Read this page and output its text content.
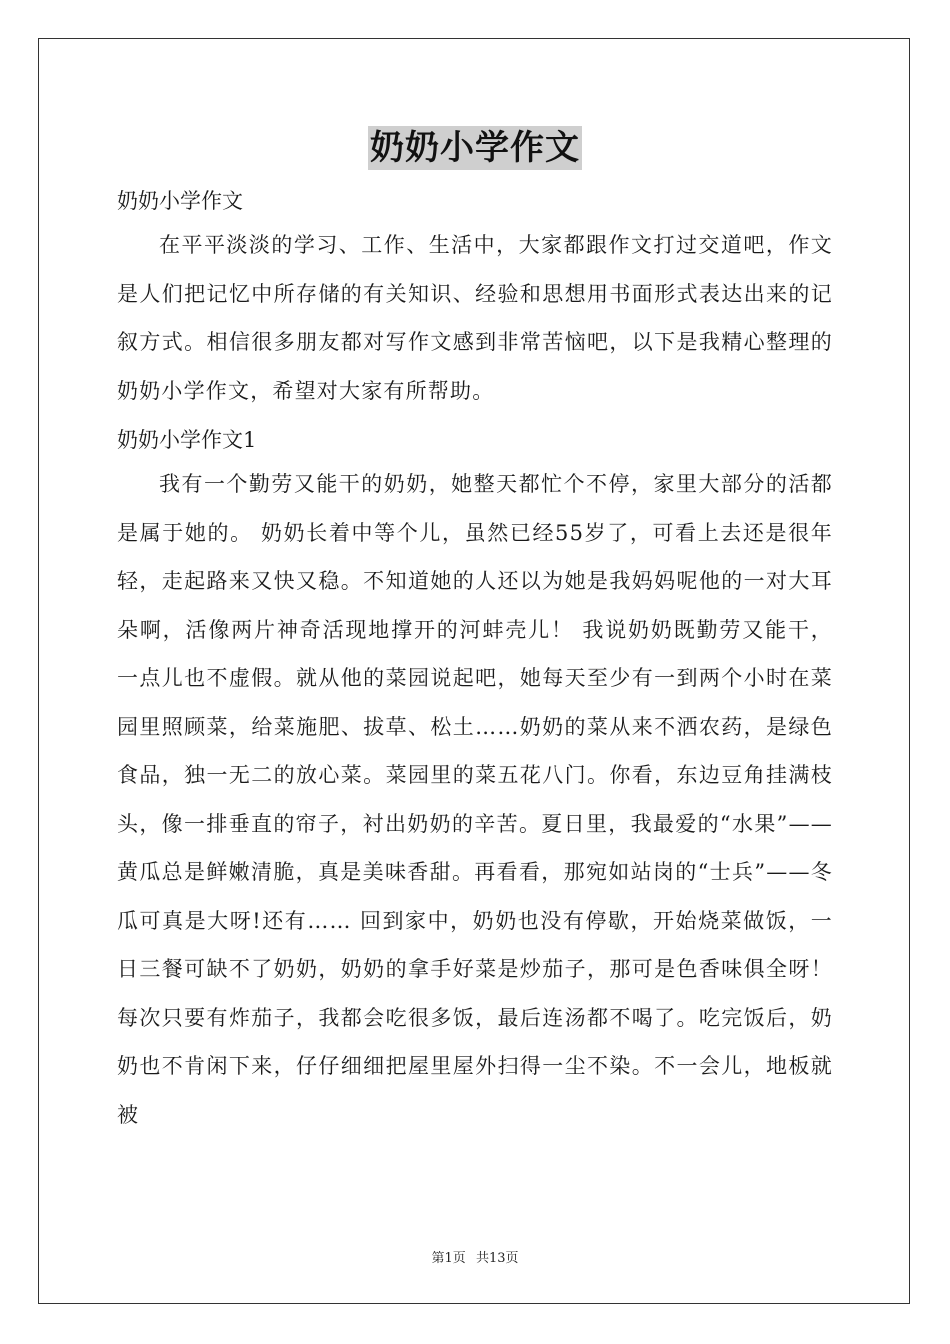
奶奶小学作文

奶奶小学作文

在平平淡淡的学习、工作、生活中，大家都跟作文打过交道吧，作文是人们把记忆中所存储的有关知识、经验和思想用书面形式表达出来的记叙方式。相信很多朋友都对写作文感到非常苦恼吧，以下是我精心整理的奶奶小学作文，希望对大家有所帮助。

奶奶小学作文1

我有一个勤劳又能干的奶奶，她整天都忙个不停，家里大部分的活都是属于她的。 奶奶长着中等个儿，虽然已经55岁了，可看上去还是很年轻，走起路来又快又稳。不知道她的人还以为她是我妈妈呢他的一对大耳朵啊，活像两片神奇活现地撑开的河蚌壳儿！ 我说奶奶既勤劳又能干，一点儿也不虚假。就从他的菜园说起吧，她每天至少有一到两个小时在菜园里照顾菜，给菜施肥、拔草、松土……奶奶的菜从来不洒农药，是绿色食品，独一无二的放心菜。菜园里的菜五花八门。你看，东边豆角挂满枝头，像一排垂直的帘子，衬出奶奶的辛苦。夏日里，我最爱的“水果”——黄瓜总是鲜嫩清脆，真是美味香甜。再看看，那宛如站岗的“士兵”——冬瓜可真是大呀!还有…… 回到家中，奶奶也没有停歇，开始烧菜做饭，一日三餐可缺不了奶奶，奶奶的拿手好菜是炒茄子，那可是色香味俱全呀！每次只要有炸茄子，我都会吃很多饭，最后连汤都不喝了。吃完饭后，奶奶也不肯闲下来，仔仔细细把屋里屋外扫得一尘不染。不一会儿，地板就被

第1页 共13页
